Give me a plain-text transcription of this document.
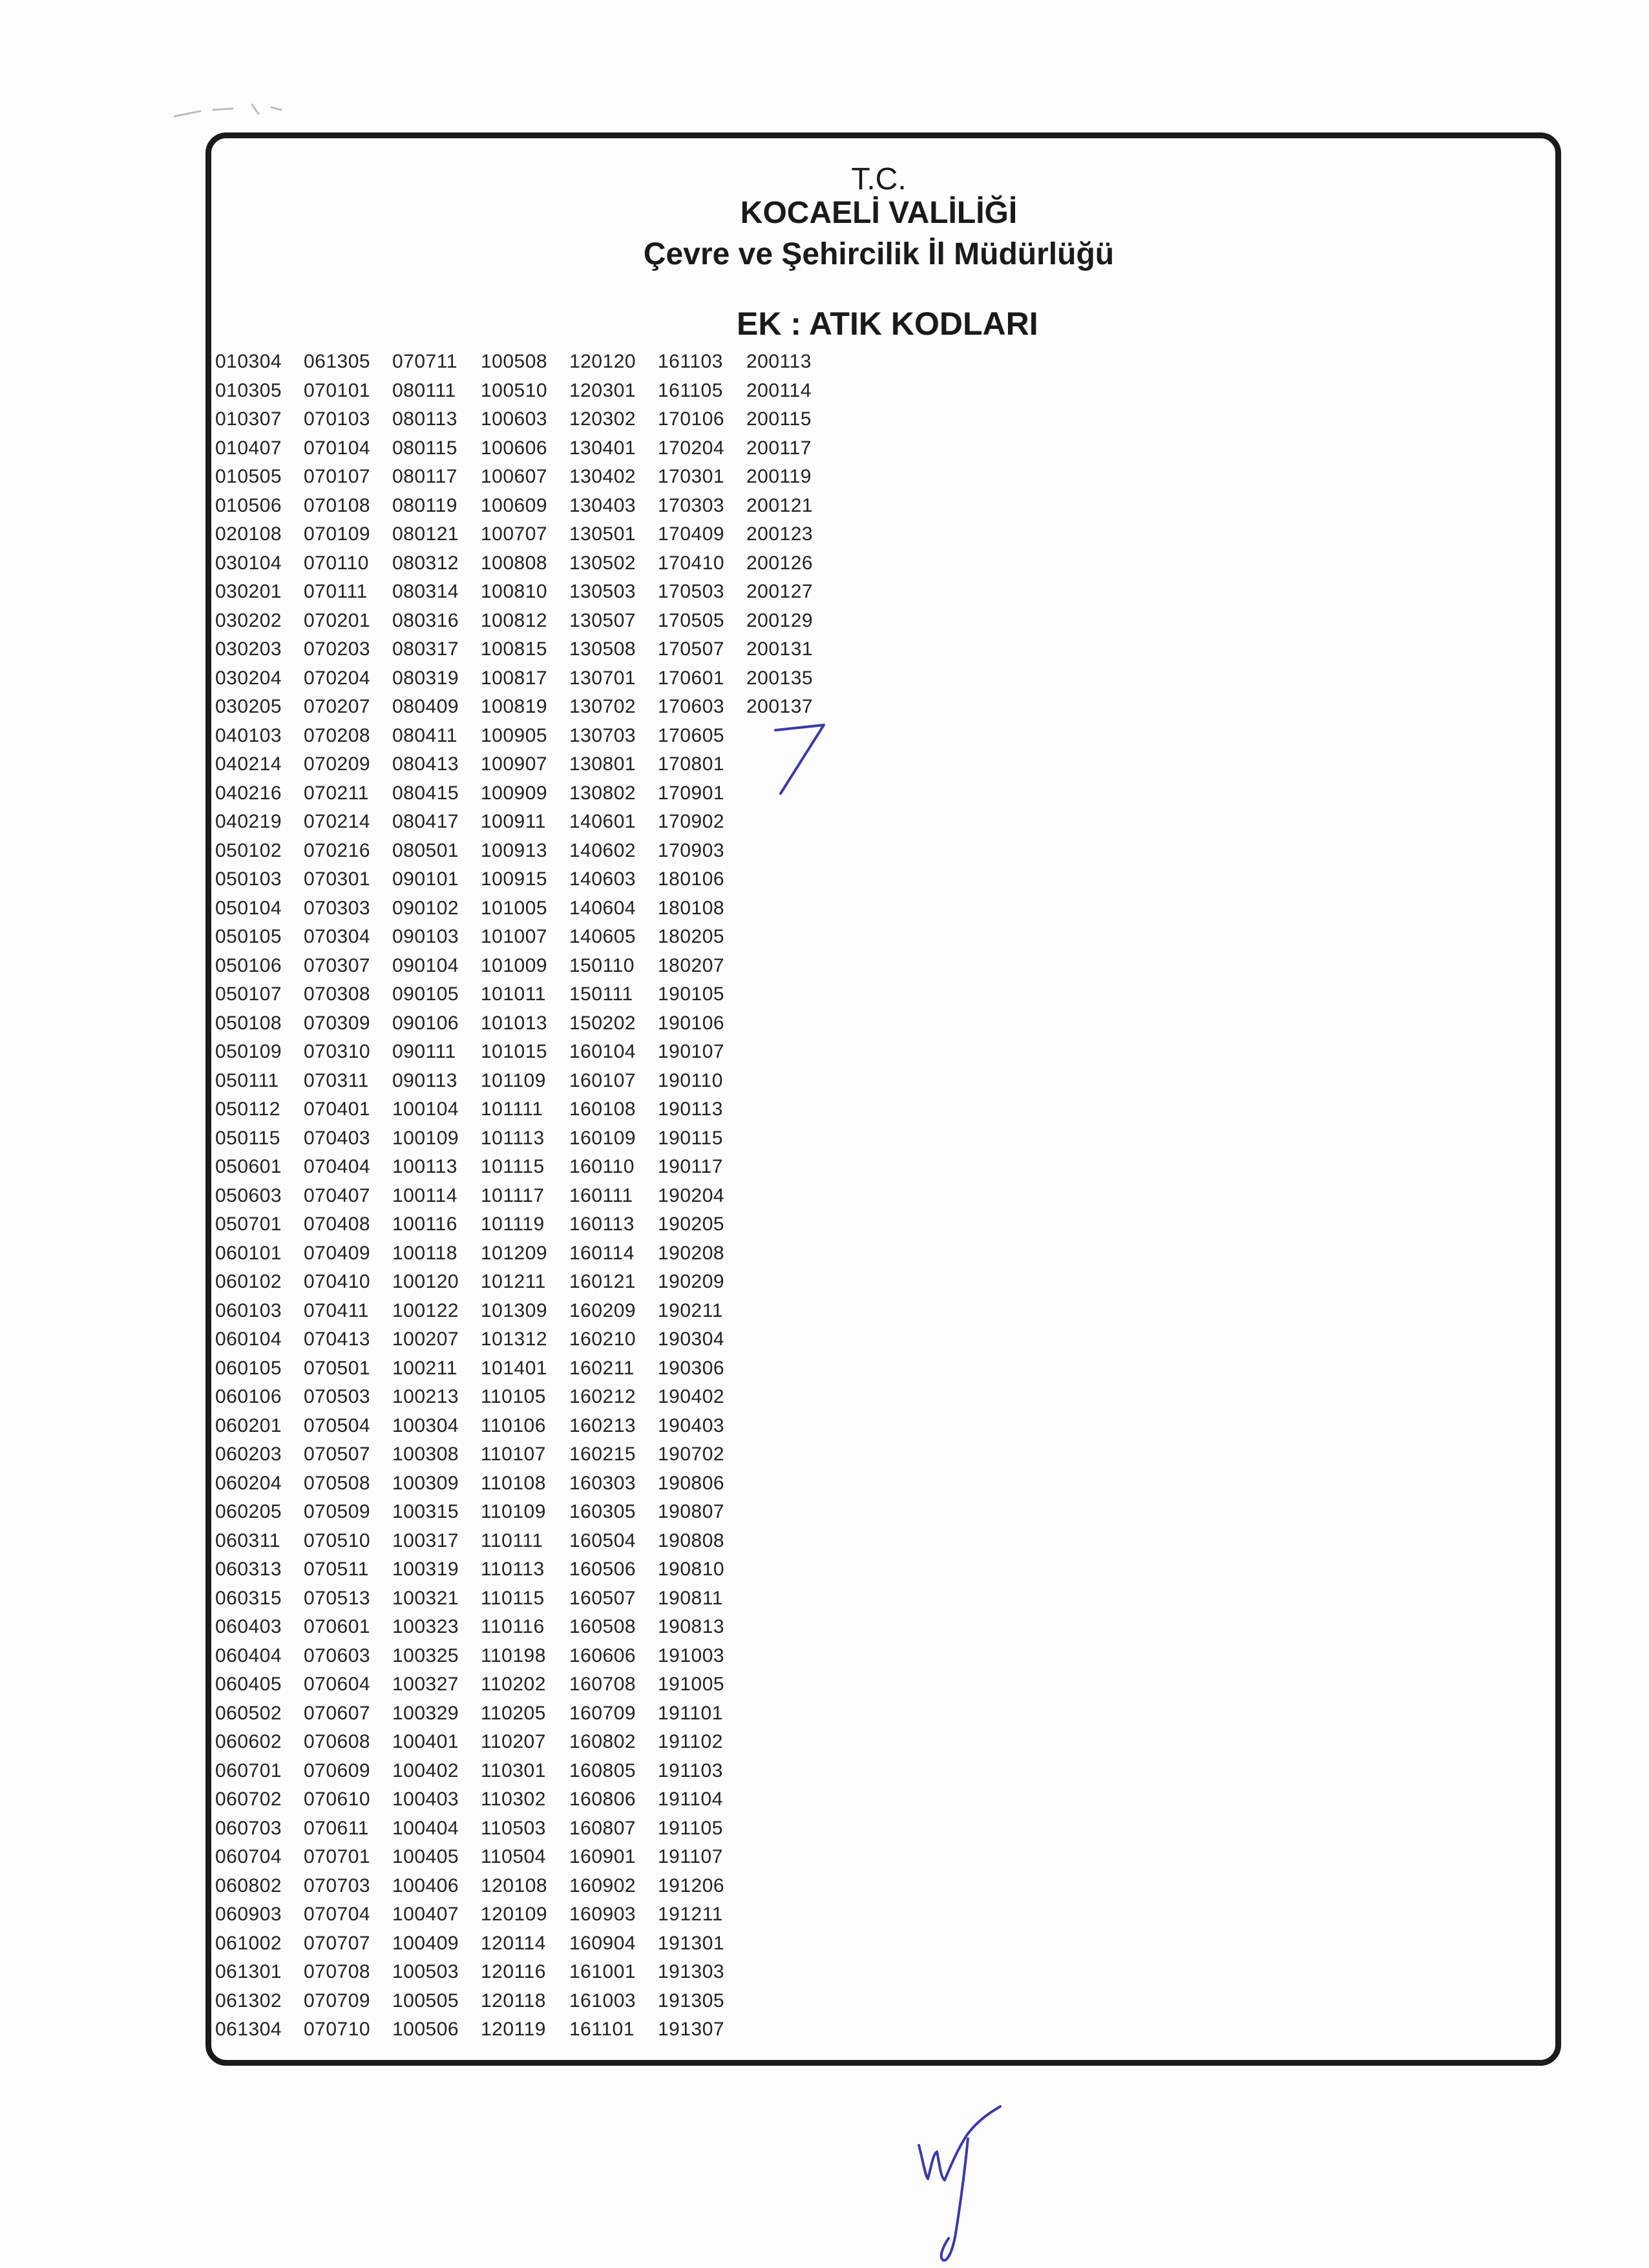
T.C.
KOCAELİ VALİLİĞİ
Çevre ve Şehircilik İl Müdürlüğü
EK : ATIK KODLARI
010304
010305
010307
010407
010505
010506
020108
030104
030201
030202
030203
030204
030205
040103
040214
040216
040219
050102
050103
050104
050105
050106
050107
050108
050109
050111
050112
050115
050601
050603
050701
060101
060102
060103
060104
060105
060106
060201
060203
060204
060205
060311
060313
060315
060403
060404
060405
060502
060602
060701
060702
060703
060704
060802
060903
061002
061301
061302
061304
061305
070101
070103
070104
070107
070108
070109
070110
070111
070201
070203
070204
070207
070208
070209
070211
070214
070216
070301
070303
070304
070307
070308
070309
070310
070311
070401
070403
070404
070407
070408
070409
070410
070411
070413
070501
070503
070504
070507
070508
070509
070510
070511
070513
070601
070603
070604
070607
070608
070609
070610
070611
070701
070703
070704
070707
070708
070709
070710
070711
080111
080113
080115
080117
080119
080121
080312
080314
080316
080317
080319
080409
080411
080413
080415
080417
080501
090101
090102
090103
090104
090105
090106
090111
090113
100104
100109
100113
100114
100116
100118
100120
100122
100207
100211
100213
100304
100308
100309
100315
100317
100319
100321
100323
100325
100327
100329
100401
100402
100403
100404
100405
100406
100407
100409
100503
100505
100506
100508
100510
100603
100606
100607
100609
100707
100808
100810
100812
100815
100817
100819
100905
100907
100909
100911
100913
100915
101005
101007
101009
101011
101013
101015
101109
101111
101113
101115
101117
101119
101209
101211
101309
101312
101401
110105
110106
110107
110108
110109
110111
110113
110115
110116
110198
110202
110205
110207
110301
110302
110503
110504
120108
120109
120114
120116
120118
120119
120120
120301
120302
130401
130402
130403
130501
130502
130503
130507
130508
130701
130702
130703
130801
130802
140601
140602
140603
140604
140605
150110
150111
150202
160104
160107
160108
160109
160110
160111
160113
160114
160121
160209
160210
160211
160212
160213
160215
160303
160305
160504
160506
160507
160508
160606
160708
160709
160802
160805
160806
160807
160901
160902
160903
160904
161001
161003
161101
161103
161105
170106
170204
170301
170303
170409
170410
170503
170505
170507
170601
170603
170605
170801
170901
170902
170903
180106
180108
180205
180207
190105
190106
190107
190110
190113
190115
190117
190204
190205
190208
190209
190211
190304
190306
190402
190403
190702
190806
190807
190808
190810
190811
190813
191003
191005
191101
191102
191103
191104
191105
191107
191206
191211
191301
191303
191305
191307
200113
200114
200115
200117
200119
200121
200123
200126
200127
200129
200131
200135
200137
